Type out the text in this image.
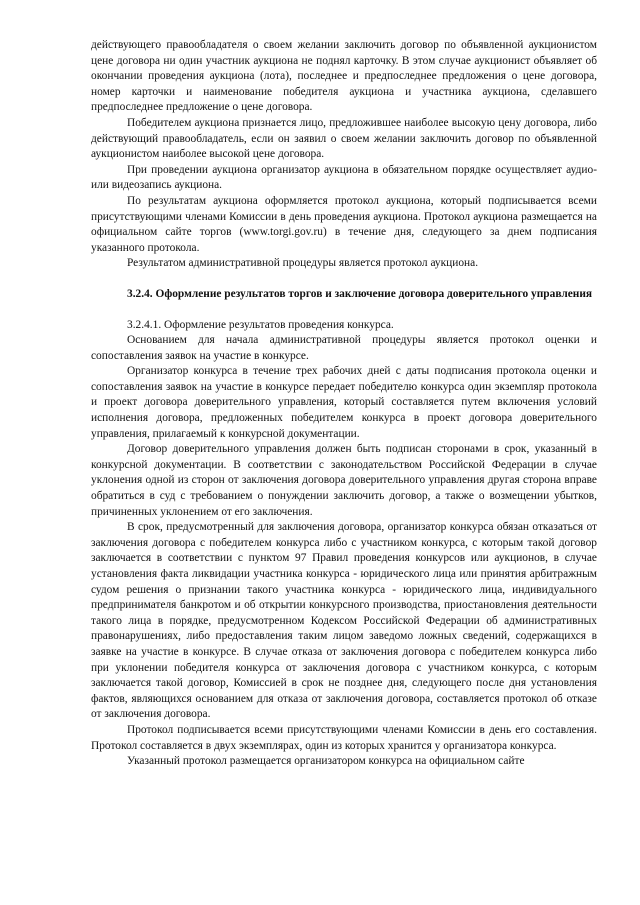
действующего правообладателя о своем желании заключить договор по объявленной аукционистом цене договора ни один участник аукциона не поднял карточку. В этом случае аукционист объявляет об окончании проведения аукциона (лота), последнее и предпоследнее предложения о цене договора, номер карточки и наименование победителя аукциона и участника аукциона, сделавшего предпоследнее предложение о цене договора.

Победителем аукциона признается лицо, предложившее наиболее высокую цену договора, либо действующий правообладатель, если он заявил о своем желании заключить договор по объявленной аукционистом наиболее высокой цене договора.

При проведении аукциона организатор аукциона в обязательном порядке осуществляет аудио- или видеозапись аукциона.

По результатам аукциона оформляется протокол аукциона, который подписывается всеми присутствующими членами Комиссии в день проведения аукциона. Протокол аукциона размещается на официальном сайте торгов (www.torgi.gov.ru) в течение дня, следующего за днем подписания указанного протокола.

Результатом административной процедуры является протокол аукциона.

3.2.4. Оформление результатов торгов и заключение договора доверительного управления

3.2.4.1. Оформление результатов проведения конкурса.

Основанием для начала административной процедуры является протокол оценки и сопоставления заявок на участие в конкурсе.

Организатор конкурса в течение трех рабочих дней с даты подписания протокола оценки и сопоставления заявок на участие в конкурсе передает победителю конкурса один экземпляр протокола и проект договора доверительного управления, который составляется путем включения условий исполнения договора, предложенных победителем конкурса в проект договора доверительного управления, прилагаемый к конкурсной документации.

Договор доверительного управления должен быть подписан сторонами в срок, указанный в конкурсной документации. В соответствии с законодательством Российской Федерации в случае уклонения одной из сторон от заключения договора доверительного управления другая сторона вправе обратиться в суд с требованием о понуждении заключить договор, а также о возмещении убытков, причиненных уклонением от его заключения.

В срок, предусмотренный для заключения договора, организатор конкурса обязан отказаться от заключения договора с победителем конкурса либо с участником конкурса, с которым такой договор заключается в соответствии с пунктом 97 Правил проведения конкурсов или аукционов, в случае установления факта ликвидации участника конкурса - юридического лица или принятия арбитражным судом решения о признании такого участника конкурса - юридического лица, индивидуального предпринимателя банкротом и об открытии конкурсного производства, приостановления деятельности такого лица в порядке, предусмотренном Кодексом Российской Федерации об административных правонарушениях, либо предоставления таким лицом заведомо ложных сведений, содержащихся в заявке на участие в конкурсе. В случае отказа от заключения договора с победителем конкурса либо при уклонении победителя конкурса от заключения договора с участником конкурса, с которым заключается такой договор, Комиссией в срок не позднее дня, следующего после дня установления фактов, являющихся основанием для отказа от заключения договора, составляется протокол об отказе от заключения договора.

Протокол подписывается всеми присутствующими членами Комиссии в день его составления. Протокол составляется в двух экземплярах, один из которых хранится у организатора конкурса.

Указанный протокол размещается организатором конкурса на официальном сайте
